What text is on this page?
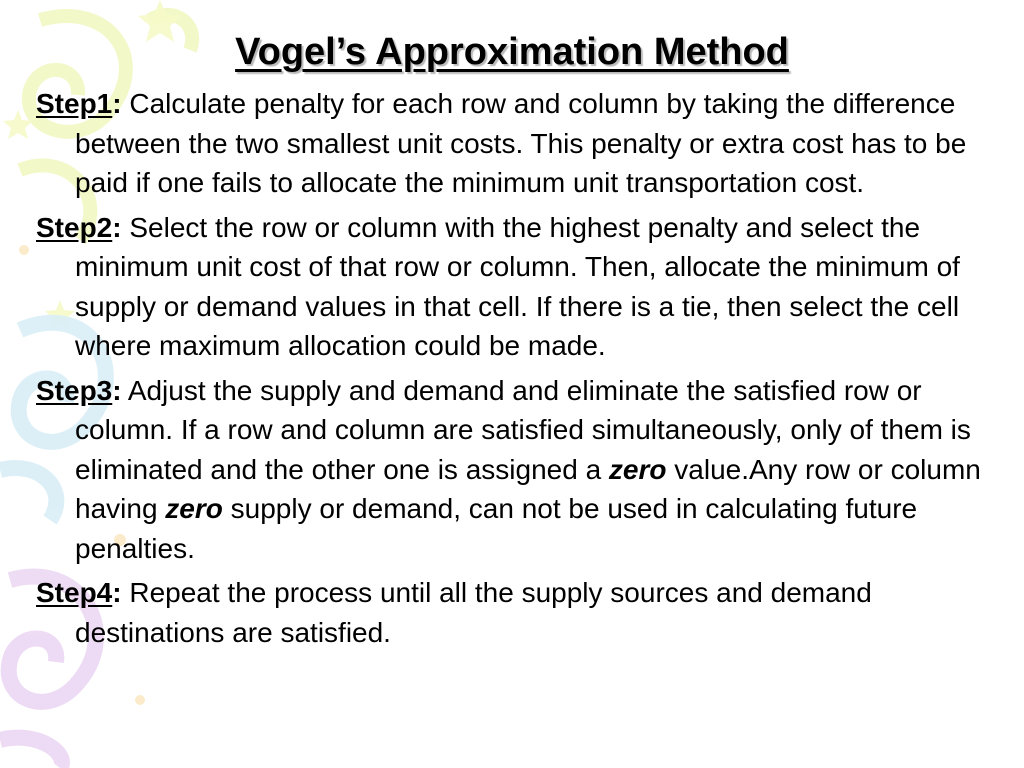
Vogel’s Approximation Method

Step1: Calculate penalty for each row and column by taking the difference between the two smallest unit costs. This penalty or extra cost has to be paid if one fails to allocate the minimum unit transportation cost.

Step2: Select the row or column with the highest penalty and select the minimum unit cost of that row or column. Then, allocate the minimum of supply or demand values in that cell. If there is a tie, then select the cell where maximum allocation could be made.

Step3: Adjust the supply and demand and eliminate the satisfied row or column. If a row and column are satisfied simultaneously, only of them is eliminated and the other one is assigned a zero value.Any row or column having zero supply or demand, can not be used in calculating future penalties.

Step4: Repeat the process until all the supply sources and demand destinations are satisfied.
